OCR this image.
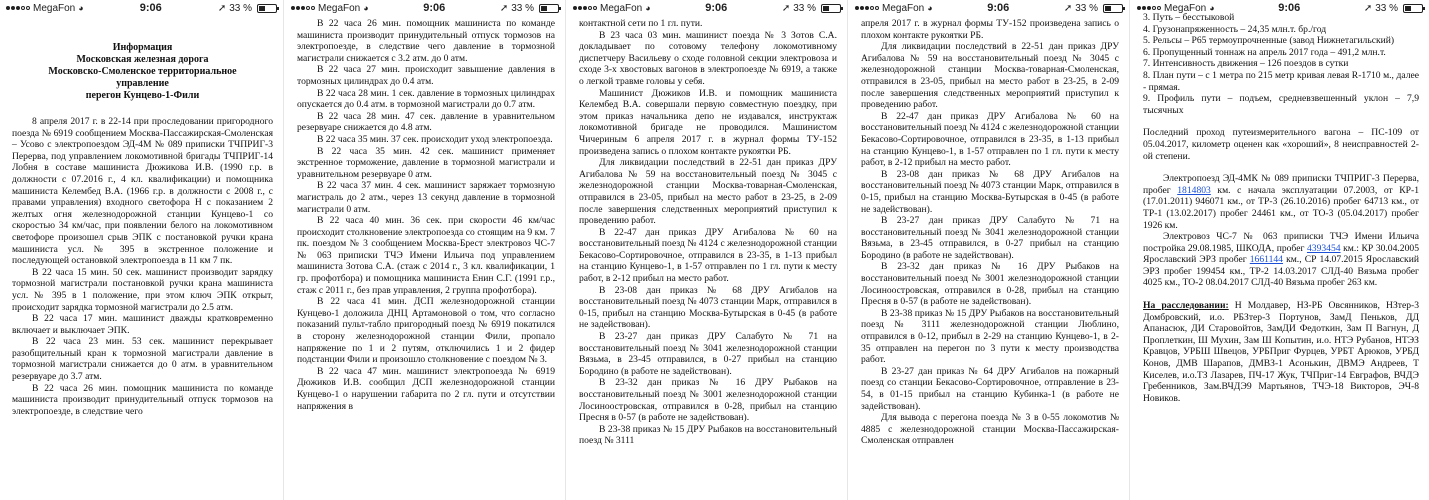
MegaFon ◕	9:06	➚ 33 %
Информация
Московская железная дорога
Московско-Смоленское территориальное
управление
перегон Кунцево-1-Фили

8 апреля 2017 г. в 22-14 при проследовании пригородного поезда № 6919 сообщением Москва-Пассажирская-Смоленская – Усово с электропоездом ЭД-4М № 089 приписки ТЧПРИГ-3 Перерва, под управлением локомотивной бригады ТЧПРИГ-14 Лобня в составе машиниста Дюжикова И.В. (1990 г.р. в должности с 07.2016 г., 4 кл. квалификации) и помощника машиниста Келембед В.А. (1966 г.р. в должности с 2008 г., с правами управления) входного светофора Н с показанием 2 желтых огня железнодорожной станции Кунцево-1 со скоростью 34 км/час, при появлении белого на локомотивном светофоре произошел срыв ЭПК с постановкой ручки крана машиниста усл. № 395 в экстренное положение и последующей остановкой электропоезда в 11 км 7 пк.

В 22 часа 15 мин. 50 сек. машинист производит зарядку тормозной магистрали постановкой ручки крана машиниста усл. № 395 в 1 положение, при этом ключ ЭПК открыт, происходит зарядка тормозной магистрали до 2.5 атм.

В 22 часа 17 мин. машинист дважды кратковременно включает и выключает ЭПК.

В 22 часа 23 мин. 53 сек. машинист перекрывает разобщительный кран к тормозной магистрали давление в тормозной магистрали снижается до 0 атм. в уравнительном резервуаре до 3.7 атм.

В 22 часа 26 мин. помощник машиниста по команде машиниста производит принудительный отпуск тормозов на электропоезде, в следствие чего

MegaFon ◕	9:06	➚ 33 %

В 22 часа 26 мин. помощник машиниста по команде машиниста производит принудительный отпуск тормозов на электропоезде, в следствие чего давление в тормозной магистрали снижается с 3.2 атм. до 0 атм.

В 22 часа 27 мин. происходит завышение давления в тормозных цилиндрах до 0.4 атм.

В 22 часа 28 мин. 1 сек. давление в тормозных цилиндрах опускается до 0.4 атм. в тормозной магистрали до 0.7 атм.

В 22 часа 28 мин. 47 сек. давление в уравнительном резервуаре снижается до 4.8 атм.

В 22 часа 35 мин. 37 сек. происходит уход электропоезда.

В 22 часа 35 мин. 42 сек. машинист применяет экстренное торможение, давление в тормозной магистрали и уравнительном резервуаре 0 атм.

В 22 часа 37 мин. 4 сек. машинист заряжает тормозную магистраль до 2 атм., через 13 секунд давление в тормозной магистрали 0 атм.

В 22 часа 40 мин. 36 сек. при скорости 46 км/час происходит столкновение электропоезда со стоящим на 9 км. 7 пк. поездом № 3 сообщением Москва-Брест электровоз ЧС-7 № 063 приписки ТЧЭ Имени Ильича под управлением машиниста Зотова С.А. (стаж с 2014 г., 3 кл. квалификации, 1 гр. профотбора) и помощника машиниста Енин С.Г. (1991 г.р., стаж с 2011 г., без прав управления, 2 группа профотбора).

В 22 часа 41 мин. ДСП железнодорожной станции Кунцево-1 доложила ДНЦ Артамоновой о том, что согласно показаний пульт-табло пригородный поезд № 6919 покатился в сторону железнодорожной станции Фили, пропало напряжение по 1 и 2 путям, отключились 1 и 2 фидер подстанции Фили и произошло столкновение с поездом № 3.

В 22 часа 47 мин. машинист электропоезда № 6919 Дюжиков И.В. сообщил ДСП железнодорожной станции Кунцево-1 о нарушении габарита по 2 гл. пути и отсутствии напряжения в

MegaFon ◕	9:06	➚ 33 %

контактной сети по 1 гл. пути.

В 23 часа 03 мин. машинист поезда № 3 Зотов С.А. докладывает по сотовому телефону локомотивному диспетчеру Васильеву о сходе головной секции электровоза и сходе 3-х хвостовых вагонов в электропоезде № 6919, а также о легкой травме головы у себя.

Машинист Дюжиков И.В. и помощник машиниста Келембед В.А. совершали первую совместную поездку, при этом приказ начальника депо не издавался, инструктаж локомотивной бригаде не проводился. Машинистом Чичериным 6 апреля 2017 г. в журнал формы ТУ-152 произведена запись о плохом контакте рукоятки РБ.

Для ликвидации последствий в 22-51 дан приказ ДРУ Агибалова № 59 на восстановительный поезд № 3045 с железнодорожной станции Москва-товарная-Смоленская, отправился в 23-05, прибыл на место работ в 23-25, в 2-09 после завершения следственных мероприятий приступил к проведению работ.

В 22-47 дан приказ ДРУ Агибалова № 60 на восстановительный поезд № 4124 с железнодорожной станции Бекасово-Сортировочное, отправился в 23-35, в 1-13 прибыл на станцию Кунцево-1, в 1-57 отправлен по 1 гл. пути к месту работ, в 2-12 прибыл на место работ.

В 23-08 дан приказ № 68 ДРУ Агибалов на восстановительный поезд № 4073 станции Марк, отправился в 0-15, прибыл на станцию Москва-Бутырская в 0-45 (в работе не задействован).

В 23-27 дан приказ ДРУ Салабуто № 71 на восстановительный поезд № 3041 железнодорожной станции Вязьма, в 23-45 отправился, в 0-27 прибыл на станцию Бородино (в работе не задействован).

В 23-32 дан приказ № 16 ДРУ Рыбаков на восстановительный поезд № 3001 железнодорожной станции Лосиноостровская, отправился в 0-28, прибыл на станцию Пресня в 0-57 (в работе не задействован).

В 23-38 приказ № 15 ДРУ Рыбаков на восстановительный поезд № 3111

MegaFon ◕	9:06	➚ 33 %

апреля 2017 г. в журнал формы ТУ-152 произведена запись о плохом контакте рукоятки РБ.

Для ликвидации последствий в 22-51 дан приказ ДРУ Агибалова № 59 на восстановительный поезд № 3045 с железнодорожной станции Москва-товарная-Смоленская, отправился в 23-05, прибыл на место работ в 23-25, в 2-09 после завершения следственных мероприятий приступил к проведению работ.

В 22-47 дан приказ ДРУ Агибалова № 60 на восстановительный поезд № 4124 с железнодорожной станции Бекасово-Сортировочное, отправился в 23-35, в 1-13 прибыл на станцию Кунцево-1, в 1-57 отправлен по 1 гл. пути к месту работ, в 2-12 прибыл на место работ.

В 23-08 дан приказ № 68 ДРУ Агибалов на восстановительный поезд № 4073 станции Марк, отправился в 0-15, прибыл на станцию Москва-Бутырская в 0-45 (в работе не задействован).

В 23-27 дан приказ ДРУ Салабуто № 71 на восстановительный поезд № 3041 железнодорожной станции Вязьма, в 23-45 отправился, в 0-27 прибыл на станцию Бородино (в работе не задействован).

В 23-32 дан приказ № 16 ДРУ Рыбаков на восстановительный поезд № 3001 железнодорожной станции Лосиноостровская, отправился в 0-28, прибыл на станцию Пресня в 0-57 (в работе не задействован).

В 23-38 приказ № 15 ДРУ Рыбаков на восстановительный поезд № 3111 железнодорожной станции Люблино, отправился в 0-12, прибыл в 2-29 на станцию Кунцево-1, в 2-35 отправлен на перегон по 3 пути к месту производства работ.

В 23-27 дан приказ № 64 ДРУ Агибалов на пожарный поезд со станции Бекасово-Сортировочное, отправление в 23-54, в 01-15 прибыл на станцию Кубинка-1 (в работе не задействован).

Для вывода с перегона поезда № 3 в 0-55 локомотив № 4885 с железнодорожной станции Москва-Пассажирская-Смоленская отправлен

MegaFon ◕	9:06	➚ 33 %

3. Путь – бесстыковой

4. Грузонапряженность – 24,35 млн.т. бр./год

5. Рельсы – Р65 термоупрочненные (завод Нижнетагильский)

6. Пропущенный тоннаж на апрель 2017 года – 491,2 млн.т.

7. Интенсивность движения – 126 поездов в сутки

8. План пути – с 1 метра по 215 метр кривая левая R-1710 м., далее - прямая.

9. Профиль пути – подъем, средневзвешенный уклон – 7,9 тысячных

Последний проход путеизмерительного вагона – ПС-109 от 05.04.2017, километр оценен как «хороший», 8 неисправностей 2-ой степени.

Электропоезд ЭД-4МК № 089 приписки ТЧПРИГ-3 Перерва, пробег 1814803 км. с начала эксплуатации 07.2003, от КР-1 (17.01.2011) 946071 км., от ТР-3 (26.10.2016) пробег 64713 км., от ТР-1 (13.02.2017) пробег 24461 км., от ТО-3 (05.04.2017) пробег 1926 км.

Электровоз ЧС-7 № 063 приписки ТЧЭ Имени Ильича постройка 29.08.1985, ШКОДА, пробег 4393454 км.: КР 30.04.2005 Ярославский ЭРЗ пробег 1661144 км., СР 14.07.2015 Ярославский ЭРЗ пробег 199454 км., ТР-2 14.03.2017 СЛД-40 Вязьма пробег 4025 км., ТО-2 08.04.2017 СЛД-40 Вязьма пробег 263 км.

На расследовании: Н Молдавер, НЗ-РБ Овсянников, НЗтер-3 Домбровский, и.о. РБЗтер-3 Портунов, ЗамД Пеньков, ДД Апанасюк, ДИ Старовойтов, ЗамДИ Федоткин, Зам П Вагнун, Д Проплеткин, Ш Мухин, Зам Ш Копытин, и.о. НТЭ Рубанов, НТЭЗ Кравцов, УРБШ Швецов, УРБПриг Фурцев, УРБТ Арюков, УРБД Конов, ДМВ Шарапов, ДМВЗ-1 Асонькин, ДВМЭ Андреев, Т Киселев, и.о.ТЗ Лазарев, ПЧ-17 Жук, ТЧПриг-14 Евграфов, ВЧДЭ Гребенников, Зам.ВЧДЭ9 Мартьянов, ТЧЭ-18 Викторов, ЭЧ-8 Новиков.
